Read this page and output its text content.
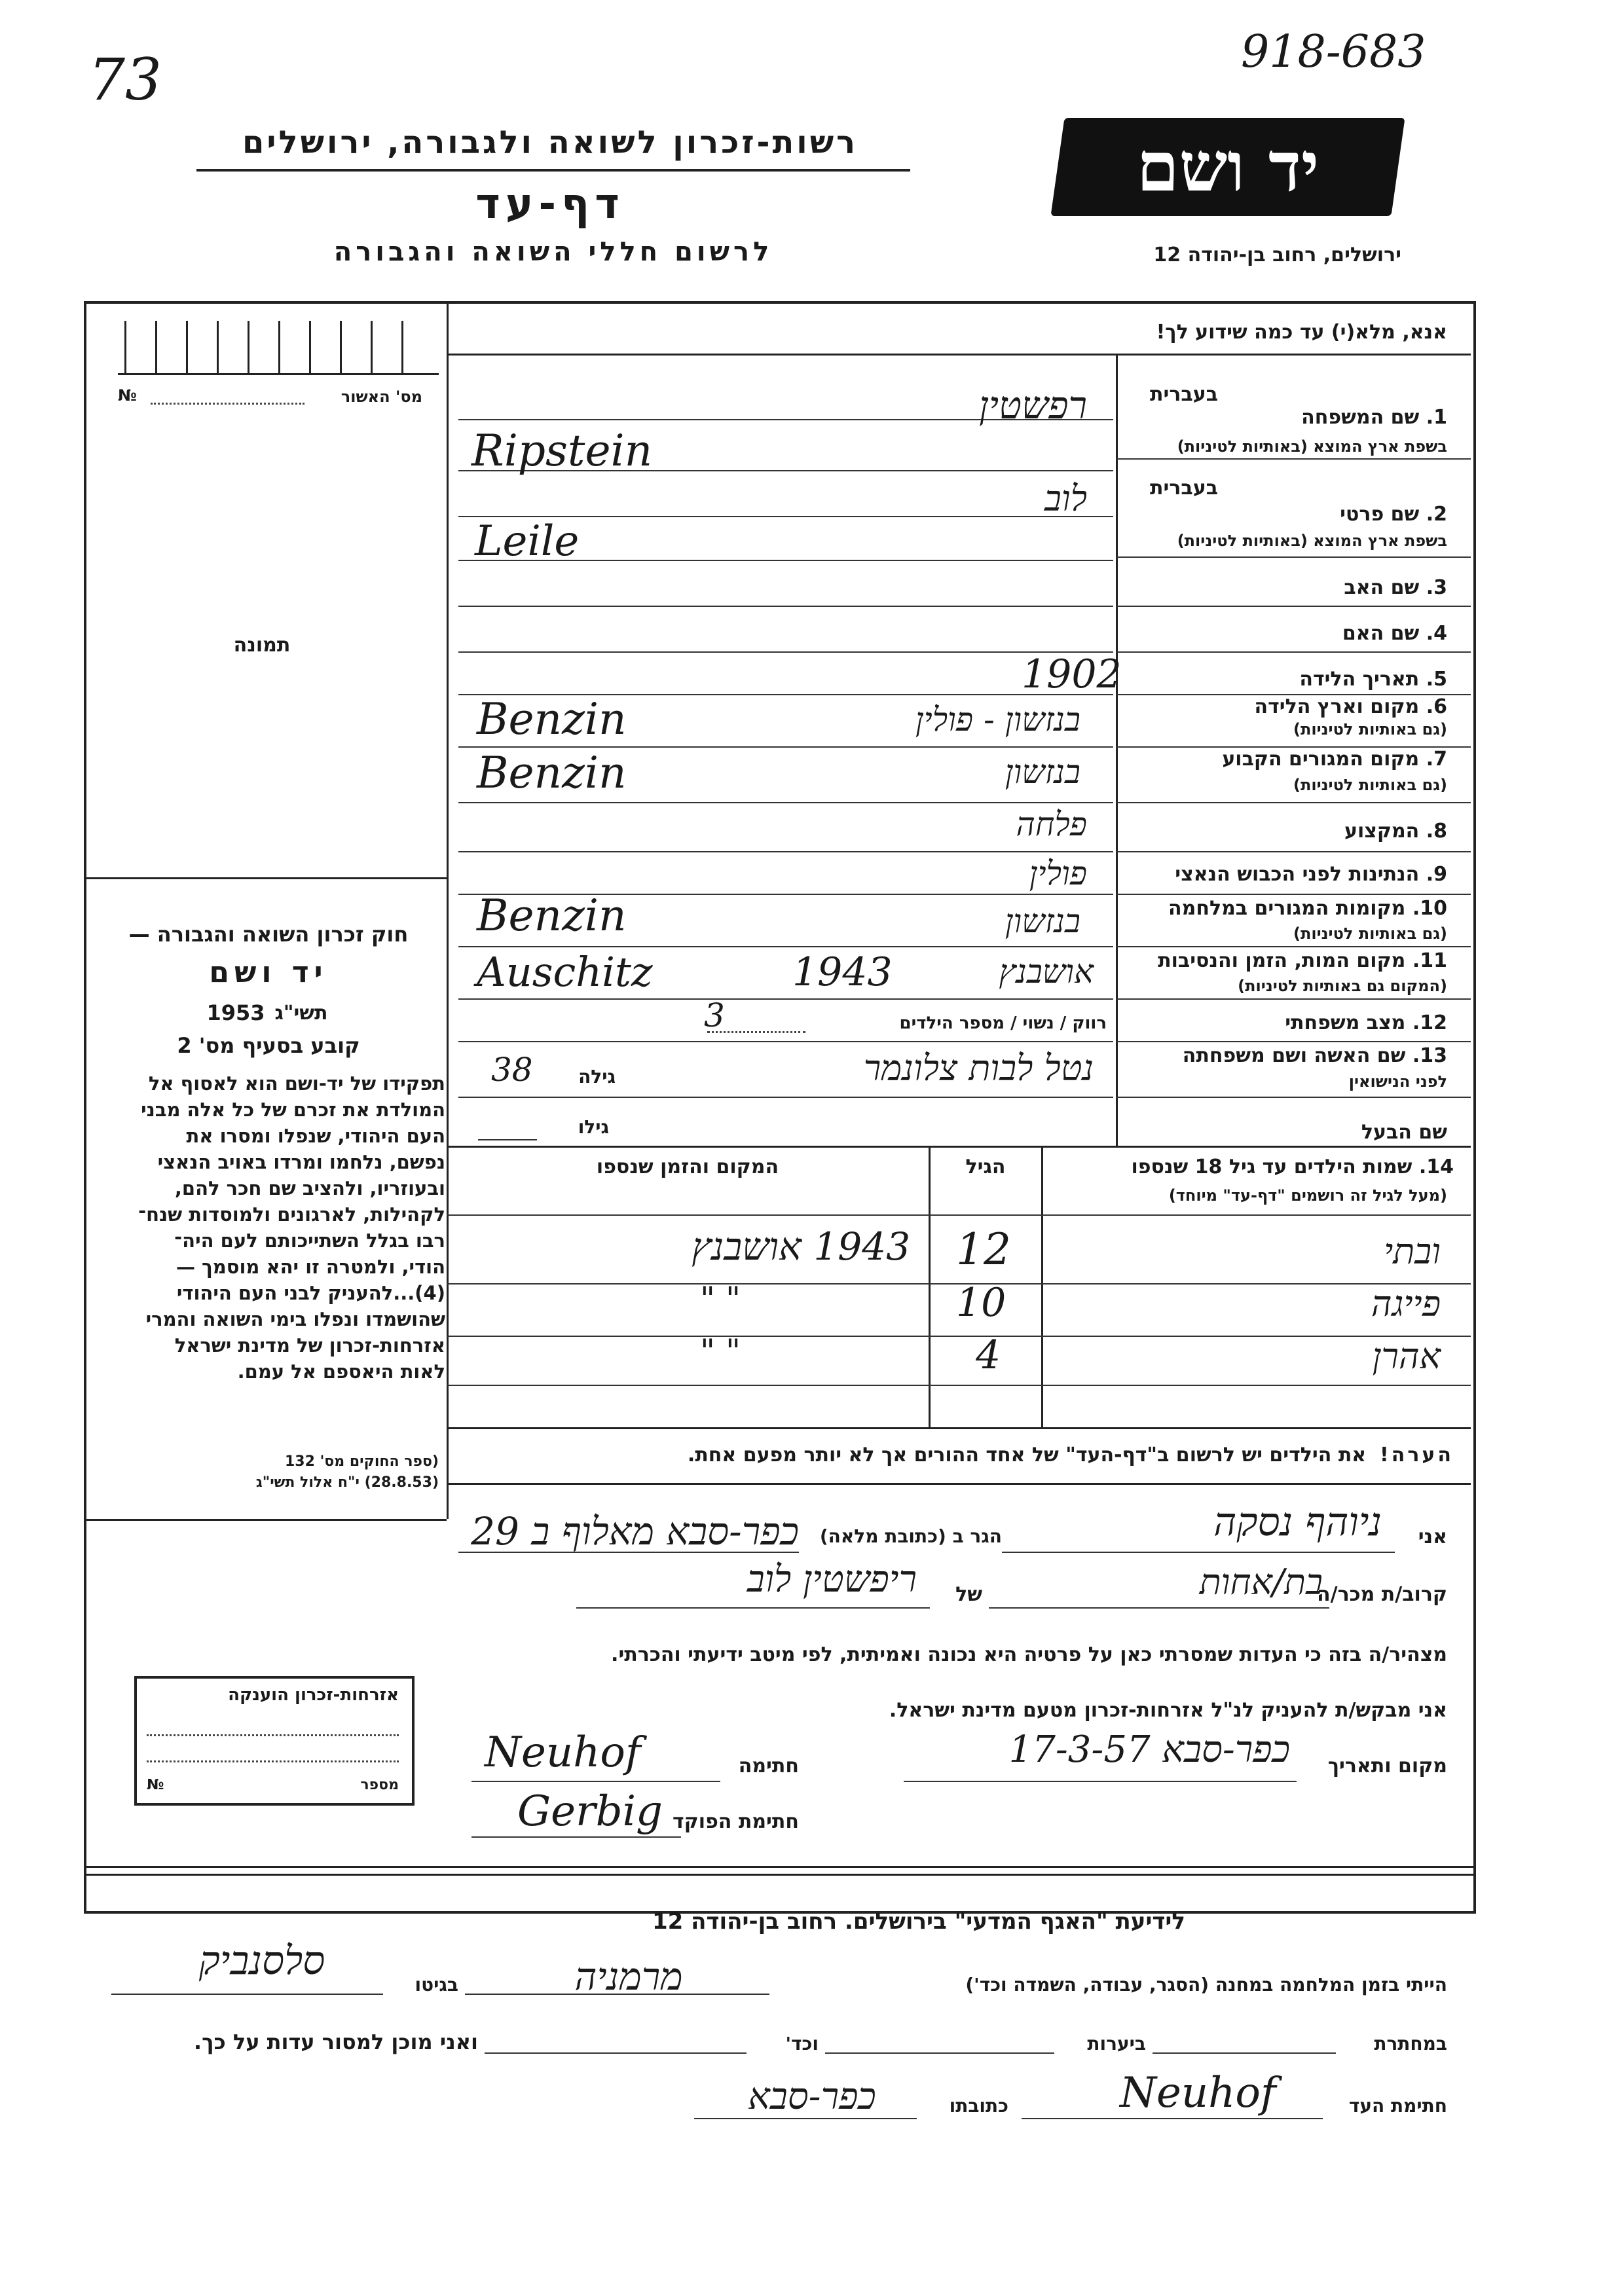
73	918-683
רשות-זכרון לשואה ולגבורה, ירושלים
דף-עד
לרשום חללי השואה והגבורה
יד ושם
ירושלים, רחוב בן-יהודה 12
מס' האשור
№
תמונה
חוק זכרון השואה והגבורה —
יד ושם
תשי"ג
1953
קובע בסעיף מס' 2
תפקידו של יד-ושם הוא לאסוף אל
המולדת את זכרם של כל אלה מבני
העם היהודי, שנפלו ומסרו את
נפשם, נלחמו ומרדו באויב הנאצי
ובעוזריו, ולהציב שם חכר להם,
לקהילות, לארגונים ולמוסדות שנח־
רבו בגלל השתייכותם לעם היה־
הודי, ולמטרה זו יהא מוסמך —
(4)...להעניק לבני העם היהודי
שהושמדו ונפלו בימי השואה והמרי
אזרחות-זכרון של מדינת ישראל
לאות היאספם אל עמם.
(ספר החוקים מס' 132
(28.8.53) י"ח אלול תשי"ג
אזרחות-זכרון הוענקה
מספר
№
אנא, מלא(י) עד כמה שידוע לך!
בעברית
1. שם המשפחה
בשפת ארץ המוצא (באותיות לטיניות)
רפשטין
Ripstein
בעברית
2. שם פרטי
בשפת ארץ המוצא (באותיות לטיניות)
לוב
Leile
3. שם האב
4. שם האם
5. תאריך הלידה
1902
6. מקום וארץ הלידה
(גם באותיות לטיניות)
בנזשון - פולין
Benzin
7. מקום המגורים הקבוע
(גם באותיות לטיניות)
בנזשון
Benzin
8. המקצוע
פלחה
9. הנתינות לפני הכבוש הנאצי
פולין
10. מקומות המגורים במלחמה
(גם באותיות לטיניות)
בנזשון
Benzin
11. מקום המות, הזמן והנסיבות
(המקום גם באותיות לטיניות)
אושבנץ
1943
Auschitz
12. מצב משפחתי
רווק / נשוי / מספר הילדים
3
13. שם האשה ושם משפחתה
לפני הנישואין
נטל לבות צלונמר
גילה
38
שם הבעל
גילו
14. שמות הילדים עד גיל 18 שנספו
(מעל לגיל זה רושמים "דף-עד" מיוחד)
הגיל
המקום והזמן שנספו
ובתי
12
1943 אושבנץ
פייגה
10
" "
אהרן
4
" "
הערה!  את הילדים יש לרשום ב"דף-העד" של אחד ההורים אך לא יותר מפעם אחת.
אני
ניוהף נסקה
הגר ב (כתובת מלאה)
כפר-סבא מאלוף ב 29
קרוב/ת מכר/ה
בת/אחות
של
ריפשטין לוב
מצהיר/ה בזה כי העדות שמסרתי כאן על פרטיה היא נכונה ואמיתית, לפי מיטב ידיעתי והכרתי.
אני מבקש/ת להעניק לנ"ל אזרחות-זכרון מטעם מדינת ישראל.
מקום ותאריך
כפר-סבא 17-3-57
חתימה
Neuhof
חתימת הפוקד
Gerbig
לידיעת "האגף המדעי" בירושלים. רחוב בן-יהודה 12
הייתי בזמן המלחמה במחנה (הסגר, עבודה, השמדה וכד')
מרמניה
בגיטו
סלסנביק
במחתרת
ביערות
וכד'
ואני מוכן למסור עדות על כך.
חתימת העד
Neuhof
כתובתו
כפר-סבא
